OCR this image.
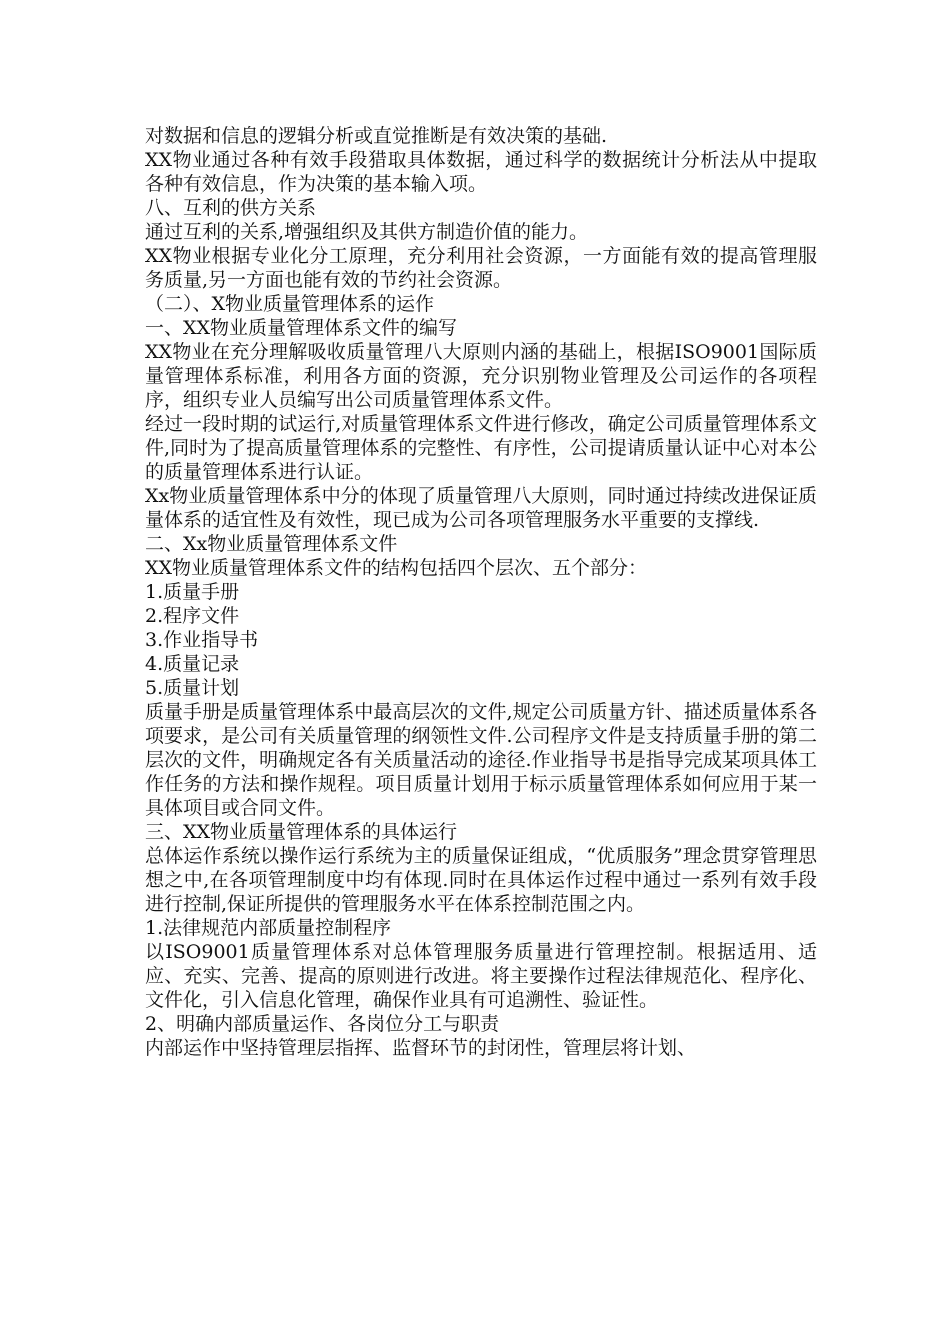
对数据和信息的逻辑分析或直觉推断是有效决策的基础.

XX物业通过各种有效手段猎取具体数据，通过科学的数据统计分析法从中提取各种有效信息，作为决策的基本输入项。

八、互利的供方关系

通过互利的关系,增强组织及其供方制造价值的能力。

XX物业根据专业化分工原理，充分利用社会资源，一方面能有效的提高管理服务质量,另一方面也能有效的节约社会资源。

（二）、X物业质量管理体系的运作

一、XX物业质量管理体系文件的编写

XX物业在充分理解吸收质量管理八大原则内涵的基础上，根据ISO9001国际质量管理体系标准，利用各方面的资源，充分识别物业管理及公司运作的各项程序，组织专业人员编写出公司质量管理体系文件。

经过一段时期的试运行,对质量管理体系文件进行修改，确定公司质量管理体系文件,同时为了提高质量管理体系的完整性、有序性，公司提请质量认证中心对本公的质量管理体系进行认证。

Xx物业质量管理体系中分的体现了质量管理八大原则，同时通过持续改进保证质量体系的适宜性及有效性，现已成为公司各项管理服务水平重要的支撑线.

二、Xx物业质量管理体系文件

XX物业质量管理体系文件的结构包括四个层次、五个部分：

1.质量手册

2.程序文件

3.作业指导书

4.质量记录

5.质量计划

质量手册是质量管理体系中最高层次的文件,规定公司质量方针、描述质量体系各项要求，是公司有关质量管理的纲领性文件.公司程序文件是支持质量手册的第二层次的文件，明确规定各有关质量活动的途径.作业指导书是指导完成某项具体工作任务的方法和操作规程。项目质量计划用于标示质量管理体系如何应用于某一具体项目或合同文件。

三、XX物业质量管理体系的具体运行

总体运作系统以操作运行系统为主的质量保证组成，“优质服务”理念贯穿管理思想之中,在各项管理制度中均有体现.同时在具体运作过程中通过一系列有效手段进行控制,保证所提供的管理服务水平在体系控制范围之内。

1.法律规范内部质量控制程序

以ISO9001质量管理体系对总体管理服务质量进行管理控制。根据适用、适应、充实、完善、提高的原则进行改进。将主要操作过程法律规范化、程序化、文件化，引入信息化管理，确保作业具有可追溯性、验证性。

2、明确内部质量运作、各岗位分工与职责

内部运作中坚持管理层指挥、监督环节的封闭性，管理层将计划、
